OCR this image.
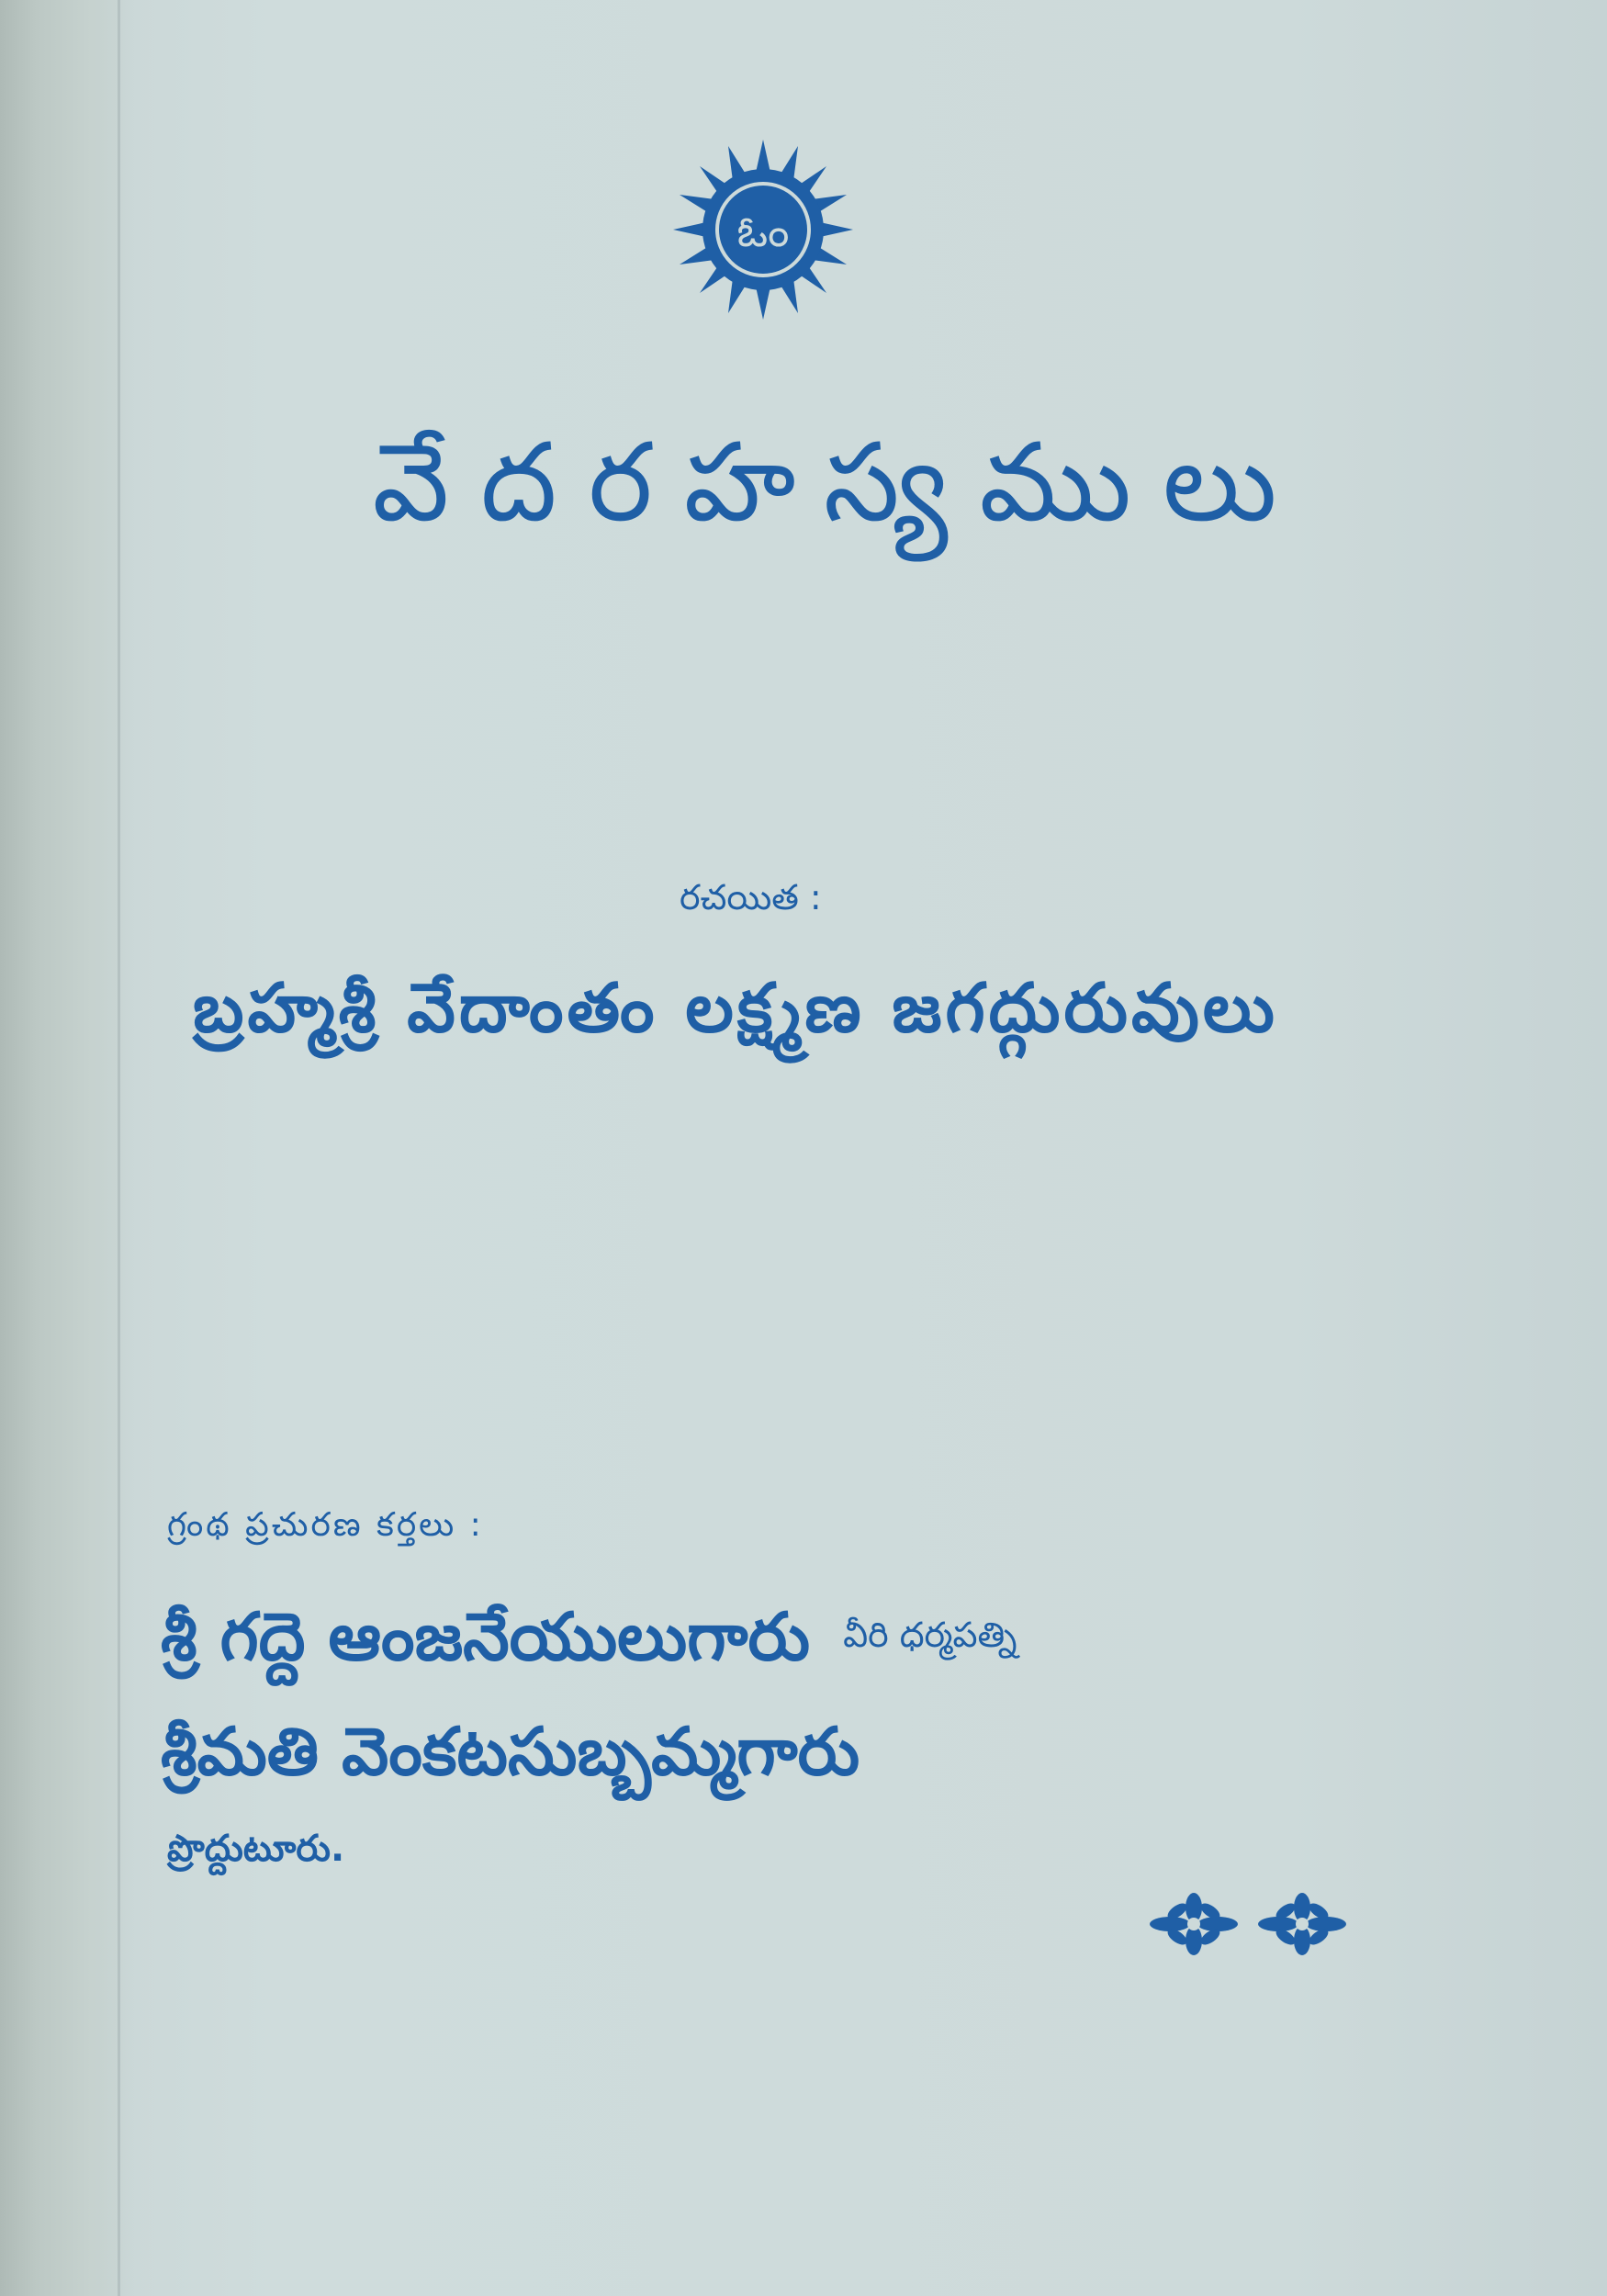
ఓం
వేదరహస్యములు
రచయిత :
బ్రహ్మశ్రీ వేదాంతం లక్ష్మణ జగద్గురువులు
గ్రంథ ప్రచురణ కర్తలు :
శ్రీ గద్దె ఆంజనేయులుగారు వీరి ధర్మపత్ని
శ్రీమతి వెంకటసుబ్బమ్మగారు
ప్రొద్దుటూరు.
